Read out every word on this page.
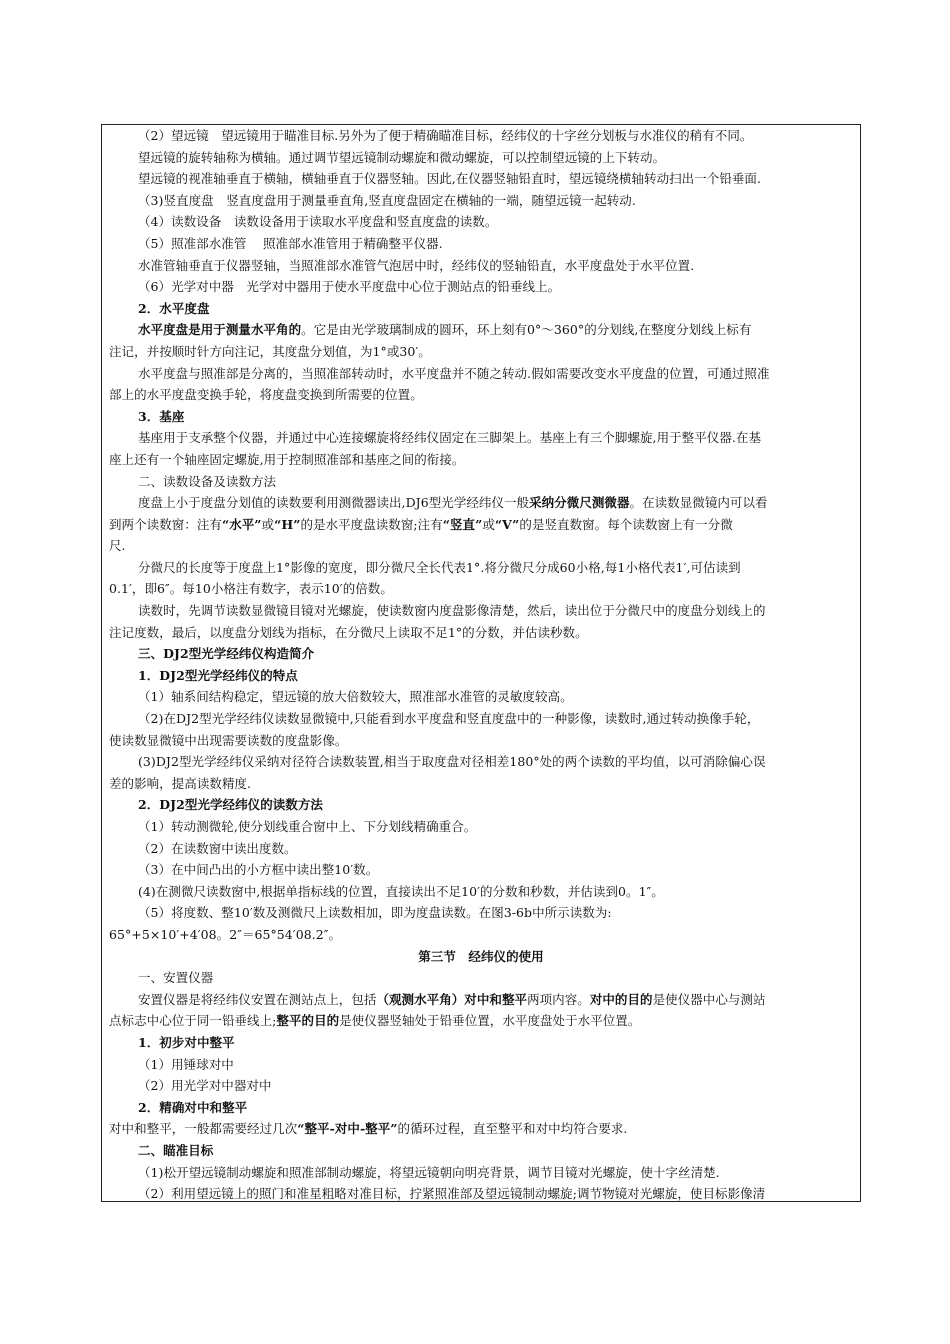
（2）望远镜　望远镜用于瞄准目标.另外为了便于精确瞄准目标，经纬仪的十字丝分划板与水准仪的稍有不同。

望远镜的旋转轴称为横轴。通过调节望远镜制动螺旋和微动螺旋，可以控制望远镜的上下转动。

望远镜的视准轴垂直于横轴，横轴垂直于仪器竖轴。因此,在仪器竖轴铅直时，望远镜绕横轴转动扫出一个铅垂面.

（3)竖直度盘　竖直度盘用于测量垂直角,竖直度盘固定在横轴的一端，随望远镜一起转动.

（4）读数设备　读数设备用于读取水平度盘和竖直度盘的读数。

（5）照准部水准管　 照准部水准管用于精确整平仪器.

水准管轴垂直于仪器竖轴，当照准部水准管气泡居中时，经纬仪的竖轴铅直，水平度盘处于水平位置.

（6）光学对中器　光学对中器用于使水平度盘中心位于测站点的铅垂线上。

2．水平度盘

水平度盘是用于测量水平角的。它是由光学玻璃制成的圆环，环上刻有0°～360°的分划线,在整度分划线上标有

注记，并按顺时针方向注记，其度盘分划值，为1°或30′。

水平度盘与照准部是分离的，当照准部转动时，水平度盘并不随之转动.假如需要改变水平度盘的位置，可通过照准

部上的水平度盘变换手轮，将度盘变换到所需要的位置。

3．基座

基座用于支承整个仪器，并通过中心连接螺旋将经纬仪固定在三脚架上。基座上有三个脚螺旋,用于整平仪器.在基

座上还有一个轴座固定螺旋,用于控制照准部和基座之间的衔接。

二、读数设备及读数方法

度盘上小于度盘分划值的读数要利用测微器读出,DJ6型光学经纬仪一般采纳分微尺测微器。在读数显微镜内可以看

到两个读数窗：注有“水平”或“H”的是水平度盘读数窗;注有“竖直”或“V”的是竖直数窗。每个读数窗上有一分微

尺.

分微尺的长度等于度盘上1°影像的宽度，即分微尺全长代表1°.将分微尺分成60小格,每1小格代表1′,可估读到

0.1′，即6″。每10小格注有数字，表示10′的倍数。

读数时，先调节读数显微镜目镜对光螺旋，使读数窗内度盘影像清楚，然后，读出位于分微尺中的度盘分划线上的

注记度数，最后，以度盘分划线为指标，在分微尺上读取不足1°的分数，并估读秒数。

三、DJ2型光学经纬仪构造简介

1．DJ2型光学经纬仪的特点

（1）轴系间结构稳定，望远镜的放大倍数较大，照准部水准管的灵敏度较高。

（2)在DJ2型光学经纬仪读数显微镜中,只能看到水平度盘和竖直度盘中的一种影像，读数时,通过转动换像手轮，

使读数显微镜中出现需要读数的度盘影像。

(3)DJ2型光学经纬仪采纳对径符合读数装置,相当于取度盘对径相差180°处的两个读数的平均值，以可消除偏心误

差的影响，提高读数精度.

2．DJ2型光学经纬仪的读数方法

（1）转动测微轮,使分划线重合窗中上、下分划线精确重合。

（2）在读数窗中读出度数。

（3）在中间凸出的小方框中读出整10′数。

(4)在测微尺读数窗中,根据单指标线的位置，直接读出不足10′的分数和秒数，并估读到0。1″。

（5）将度数、整10′数及测微尺上读数相加，即为度盘读数。在图3-6b中所示读数为:

65°+5×10′+4′08。2″＝65°54′08.2″。

第三节　经纬仪的使用

一、安置仪器

安置仪器是将经纬仪安置在测站点上，包括（观测水平角）对中和整平两项内容。对中的目的是使仪器中心与测站

点标志中心位于同一铅垂线上;整平的目的是使仪器竖轴处于铅垂位置，水平度盘处于水平位置。

1．初步对中整平

（1）用锤球对中

（2）用光学对中器对中

2．精确对中和整平

对中和整平，一般都需要经过几次“整平-对中-整平”的循环过程，直至整平和对中均符合要求.

二、瞄准目标

（1)松开望远镜制动螺旋和照准部制动螺旋，将望远镜朝向明亮背景，调节目镜对光螺旋，使十字丝清楚.

（2）利用望远镜上的照门和准星粗略对准目标，拧紧照准部及望远镜制动螺旋;调节物镜对光螺旋，使目标影像清
